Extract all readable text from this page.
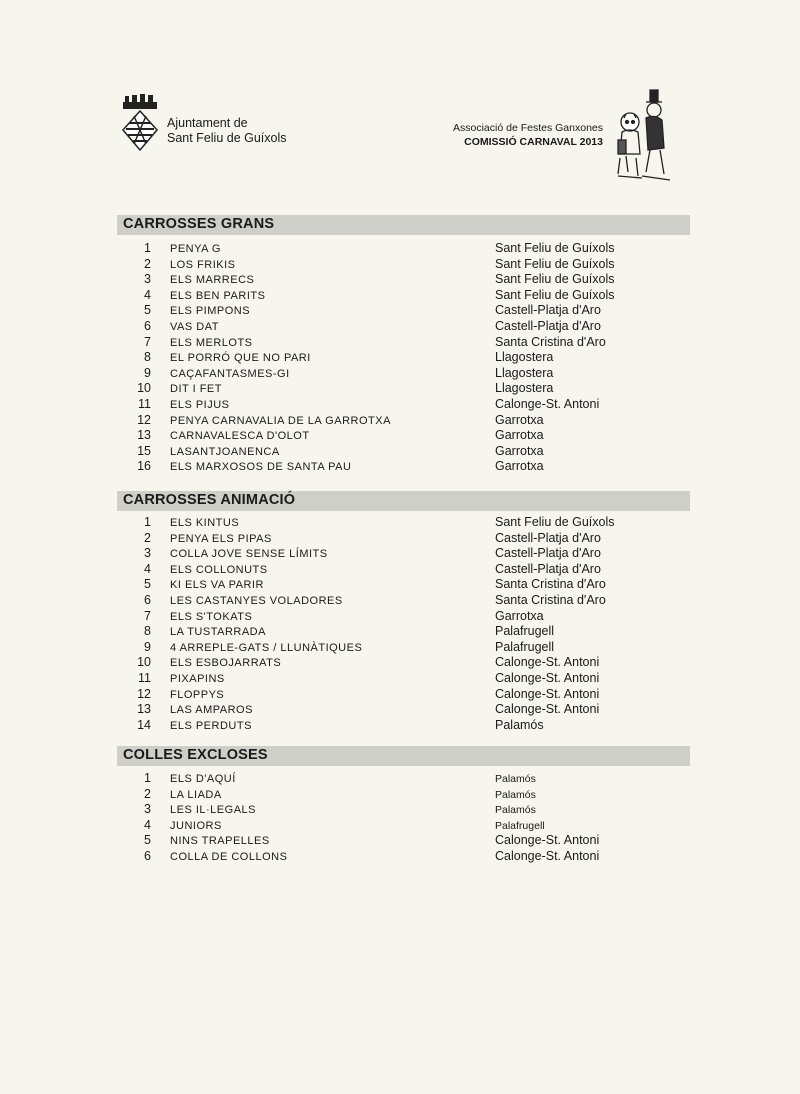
Ajuntament de
Sant Feliu de Guíxols
Associació de Festes Ganxones
COMISSIÓ CARNAVAL 2013
CARROSSES GRANS
1 PENYA G	Sant Feliu de Guíxols
2 LOS FRIKIS	Sant Feliu de Guíxols
3 ELS MARRECS	Sant Feliu de Guíxols
4 ELS BEN PARITS	Sant Feliu de Guíxols
5 ELS PIMPONS	Castell-Platja d'Aro
6 VAS DAT	Castell-Platja d'Aro
7 ELS MERLOTS	Santa Cristina d'Aro
8 EL PORRÓ QUE NO PARI	Llagostera
9 CAÇAFANTASMES-GI	Llagostera
10 DIT I FET	Llagostera
11 ELS PIJUS	Calonge-St. Antoni
12 PENYA CARNAVALIA DE LA GARROTXA	Garrotxa
13 CARNAVALESCA D'OLOT	Garrotxa
15 LASANTJOANENCA	Garrotxa
16 ELS MARXOSOS DE SANTA PAU	Garrotxa
CARROSSES ANIMACIÓ
1 ELS KINTUS	Sant Feliu de Guíxols
2 PENYA ELS PIPAS	Castell-Platja d'Aro
3 COLLA JOVE SENSE LÍMITS	Castell-Platja d'Aro
4 ELS COLLONUTS	Castell-Platja d'Aro
5 KI ELS VA PARIR	Santa Cristina d'Aro
6 LES CASTANYES VOLADORES	Santa Cristina d'Aro
7 ELS S'TOKATS	Garrotxa
8 LA TUSTARRADA	Palafrugell
9 4 ARREPLE-GATS / LLUNÀTIQUES	Palafrugell
10 ELS ESBOJARRATS	Calonge-St. Antoni
11 PIXAPINS	Calonge-St. Antoni
12 FLOPPYS	Calonge-St. Antoni
13 LAS AMPAROS	Calonge-St. Antoni
14 ELS PERDUTS	Palamós
COLLES EXCLOSES
1 ELS D'AQUÍ	Palamós
2 LA LIADA	Palamós
3 LES IL·LEGALS	Palamós
4 JUNIORS	Palafrugell
5 NINS TRAPELLES	Calonge-St. Antoni
6 COLLA DE COLLONS	Calonge-St. Antoni
